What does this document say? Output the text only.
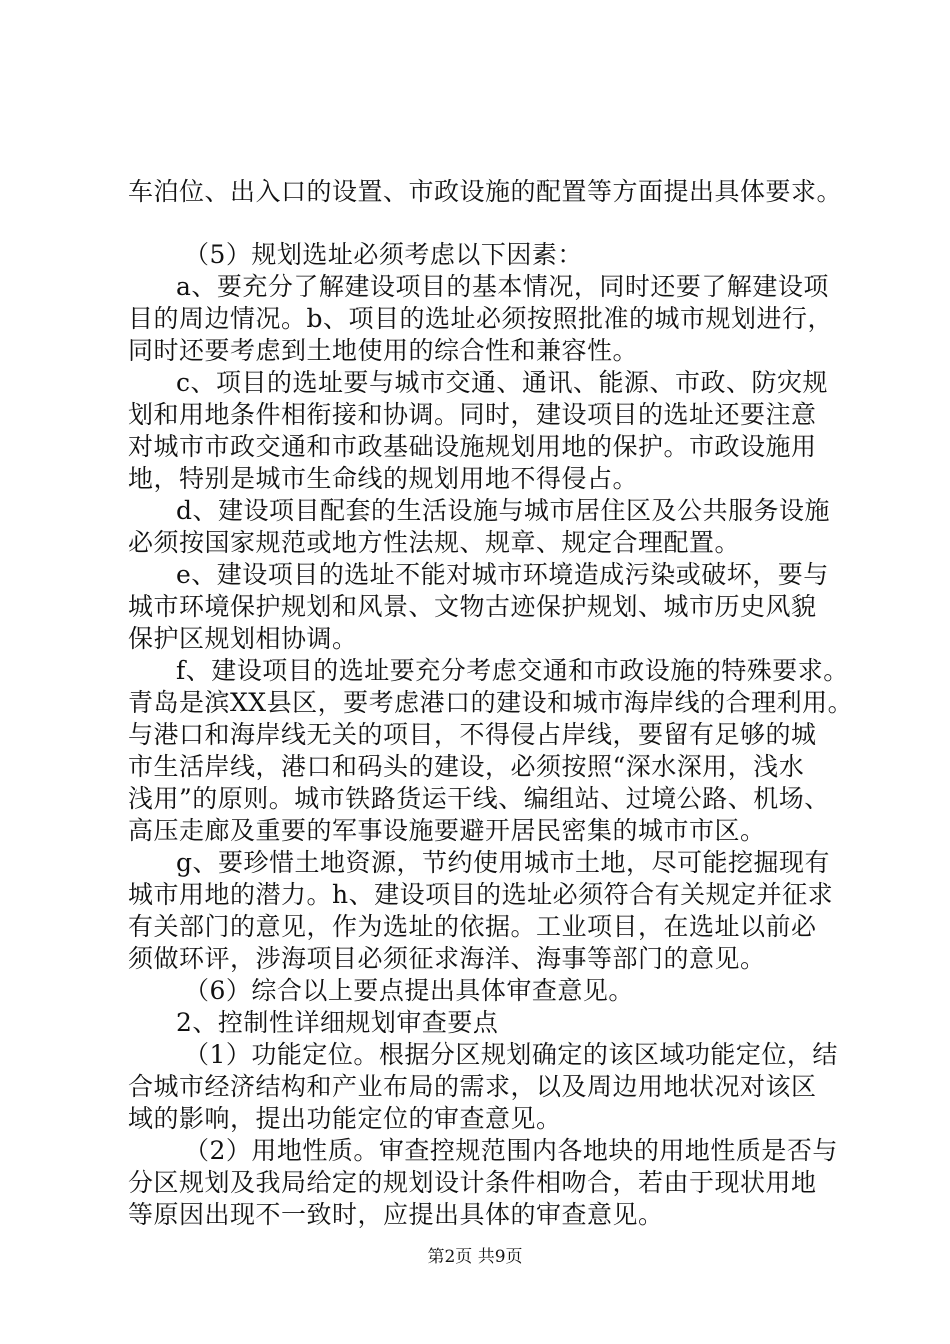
车泊位、出入口的设置、市政设施的配置等方面提出具体要求。
（5）规划选址必须考虑以下因素：
a、要充分了解建设项目的基本情况，同时还要了解建设项
目的周边情况。b、项目的选址必须按照批准的城市规划进行，
同时还要考虑到土地使用的综合性和兼容性。
c、项目的选址要与城市交通、通讯、能源、市政、防灾规
划和用地条件相衔接和协调。同时，建设项目的选址还要注意
对城市市政交通和市政基础设施规划用地的保护。市政设施用
地，特别是城市生命线的规划用地不得侵占。
d、建设项目配套的生活设施与城市居住区及公共服务设施
必须按国家规范或地方性法规、规章、规定合理配置。
e、建设项目的选址不能对城市环境造成污染或破坏，要与
城市环境保护规划和风景、文物古迹保护规划、城市历史风貌
保护区规划相协调。
f、建设项目的选址要充分考虑交通和市政设施的特殊要求。
青岛是滨XX县区，要考虑港口的建设和城市海岸线的合理利用。
与港口和海岸线无关的项目，不得侵占岸线，要留有足够的城
市生活岸线，港口和码头的建设，必须按照“深水深用，浅水
浅用”的原则。城市铁路货运干线、编组站、过境公路、机场、
高压走廊及重要的军事设施要避开居民密集的城市市区。
g、要珍惜土地资源，节约使用城市土地，尽可能挖掘现有
城市用地的潜力。h、建设项目的选址必须符合有关规定并征求
有关部门的意见，作为选址的依据。工业项目，在选址以前必
须做环评，涉海项目必须征求海洋、海事等部门的意见。
（6）综合以上要点提出具体审查意见。
2、控制性详细规划审查要点
（1）功能定位。根据分区规划确定的该区域功能定位，结
合城市经济结构和产业布局的需求，以及周边用地状况对该区
域的影响，提出功能定位的审查意见。
（2）用地性质。审查控规范围内各地块的用地性质是否与
分区规划及我局给定的规划设计条件相吻合，若由于现状用地
等原因出现不一致时，应提出具体的审查意见。
第2页 共9页
